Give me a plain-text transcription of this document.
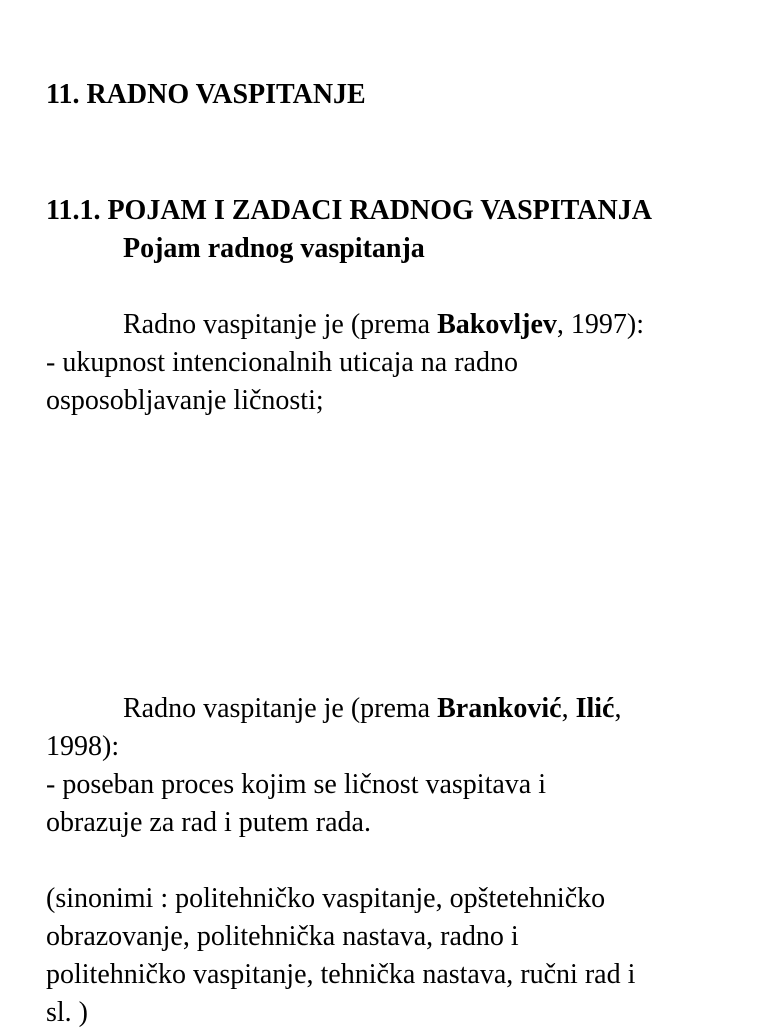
11. RADNO VASPITANJE
11.1. POJAM I ZADACI RADNOG VASPITANJA
Pojam radnog vaspitanja
Radno vaspitanje je (prema Bakovljev, 1997):
- ukupnost intencionalnih uticaja na radno
osposobljavanje ličnosti;
Radno vaspitanje je (prema Branković, Ilić,
1998):
- poseban proces kojim se ličnost vaspitava i
obrazuje za rad i putem rada.
(sinonimi : politehničko vaspitanje, opštetehničko
obrazovanje, politehnička nastava, radno i
politehničko vaspitanje, tehnička nastava, ručni rad i
sl. )
